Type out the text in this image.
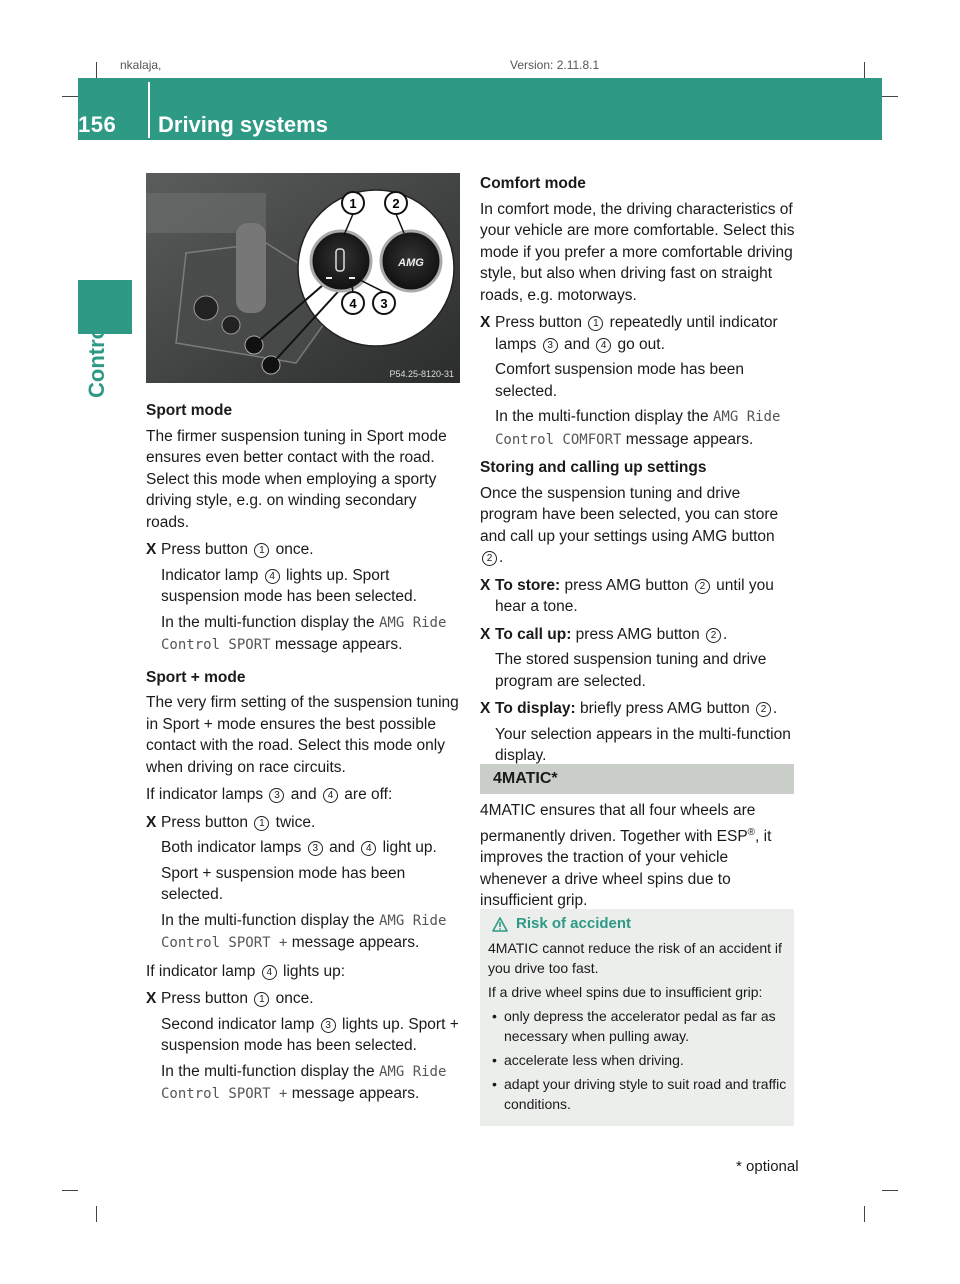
nkalaja,	Version: 2.11.8.1
156 Driving systems
Controls
AMG
1	2
4 3
P54.25-8120-31
Sport mode

The firmer suspension tuning in Sport mode ensures even better contact with the road. Select this mode when employing a sporty driving style, e.g. on winding secondary roads.

X Press button 1 once.

Indicator lamp 4 lights up. Sport suspension mode has been selected.

In the multi-function display the AMG Ride Control SPORT message appears.

Sport + mode

The very firm setting of the suspension tuning in Sport + mode ensures the best possible contact with the road. Select this mode only when driving on race circuits.

If indicator lamps 3 and 4 are off:

X Press button 1 twice.

Both indicator lamps 3 and 4 light up.

Sport + suspension mode has been selected.

In the multi-function display the AMG Ride Control SPORT + message appears.

If indicator lamp 4 lights up:

X Press button 1 once.

Second indicator lamp 3 lights up. Sport + suspension mode has been selected.

In the multi-function display the AMG Ride Control SPORT + message appears.

Comfort mode

In comfort mode, the driving characteristics of your vehicle are more comfortable. Select this mode if you prefer a more comfortable driving style, but also when driving fast on straight roads, e.g. motorways.

X Press button 1 repeatedly until indicator lamps 3 and 4 go out.

Comfort suspension mode has been selected.

In the multi-function display the AMG Ride Control COMFORT message appears.

Storing and calling up settings

Once the suspension tuning and drive program have been selected, you can store and call up your settings using AMG button 2 .

X To store: press AMG button 2 until you hear a tone.

X To call up: press AMG button 2 .

The stored suspension tuning and drive program are selected.

X To display: briefly press AMG button 2 .

Your selection appears in the multi-function display.

4MATIC*

4MATIC ensures that all four wheels are permanently driven. Together with ESP®, it improves the traction of your vehicle whenever a drive wheel spins due to insufficient grip.

Risk of accident

4MATIC cannot reduce the risk of an accident if you drive too fast.

If a drive wheel spins due to insufficient grip:

• only depress the accelerator pedal as far as necessary when pulling away.
• accelerate less when driving.
• adapt your driving style to suit road and traffic conditions.
* optional
